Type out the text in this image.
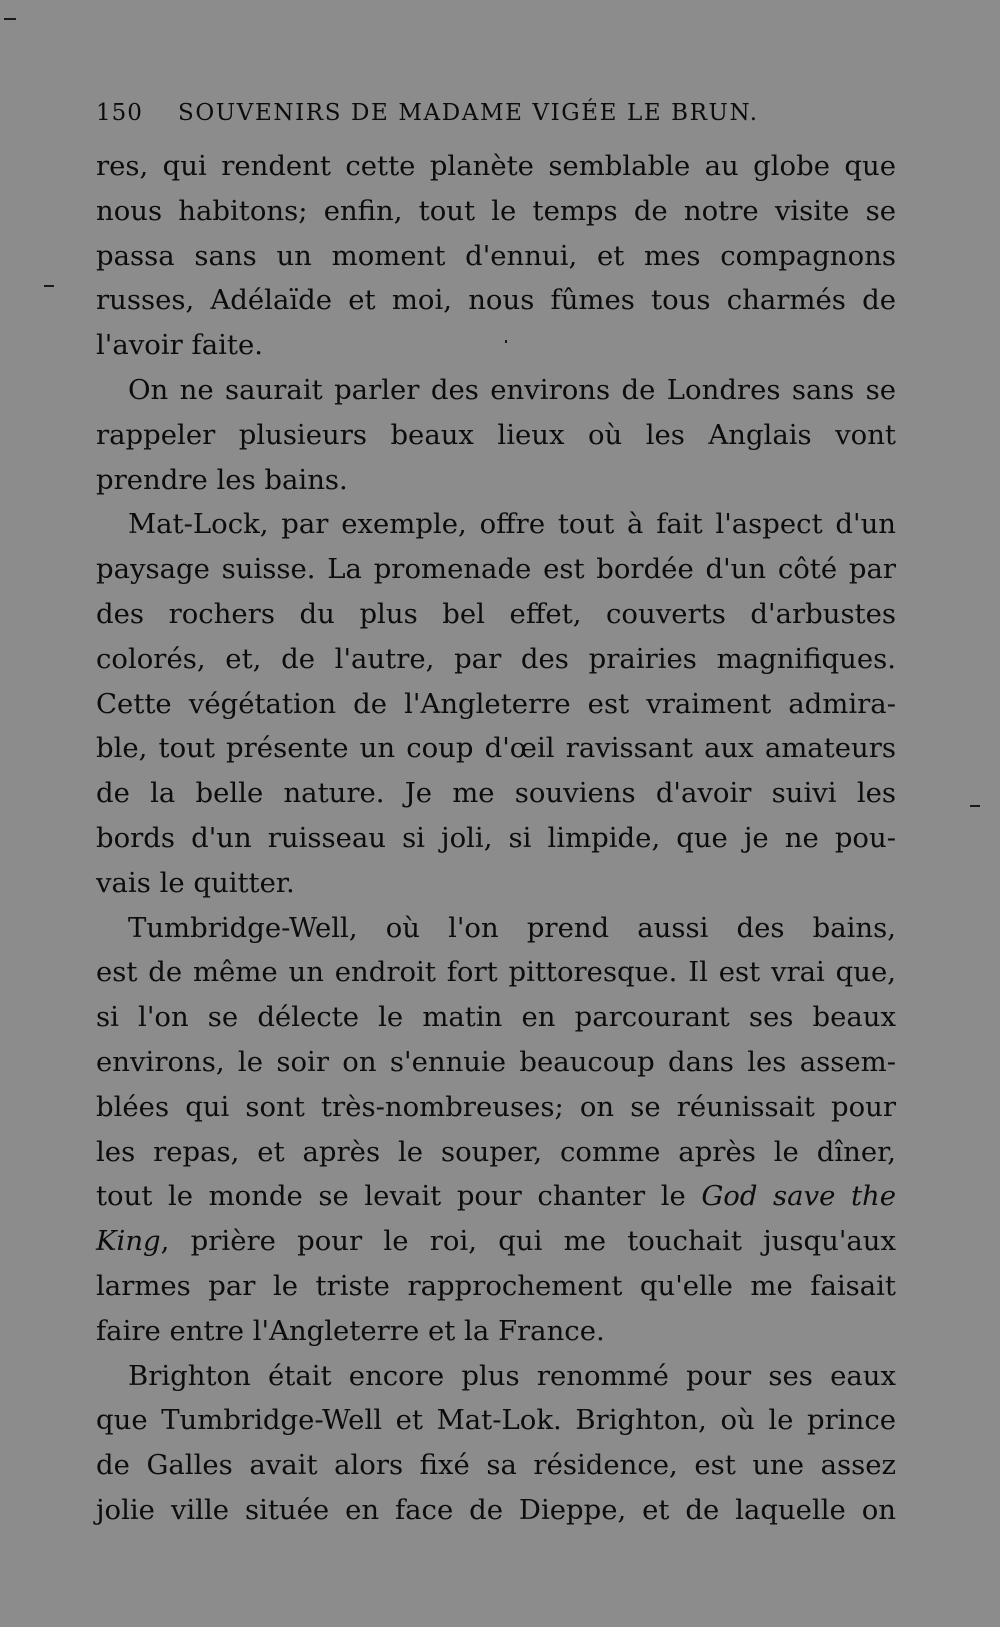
150	SOUVENIRS DE MADAME VIGÉE LE BRUN.
res, qui rendent cette planète semblable au globe que
nous habitons; enfin, tout le temps de notre visite se
passa sans un moment d'ennui, et mes compagnons
russes, Adélaïde et moi, nous fûmes tous charmés de
l'avoir faite.
On ne saurait parler des environs de Londres sans se
rappeler plusieurs beaux lieux où les Anglais vont
prendre les bains.
Mat-Lock, par exemple, offre tout à fait l'aspect d'un
paysage suisse. La promenade est bordée d'un côté par
des rochers du plus bel effet, couverts d'arbustes
colorés, et, de l'autre, par des prairies magnifiques.
Cette végétation de l'Angleterre est vraiment admira-
ble, tout présente un coup d'œil ravissant aux amateurs
de la belle nature. Je me souviens d'avoir suivi les
bords d'un ruisseau si joli, si limpide, que je ne pou-
vais le quitter.
Tumbridge-Well, où l'on prend aussi des bains,
est de même un endroit fort pittoresque. Il est vrai que,
si l'on se délecte le matin en parcourant ses beaux
environs, le soir on s'ennuie beaucoup dans les assem-
blées qui sont très-nombreuses; on se réunissait pour
les repas, et après le souper, comme après le dîner,
tout le monde se levait pour chanter le God save the
King, prière pour le roi, qui me touchait jusqu'aux
larmes par le triste rapprochement qu'elle me faisait
faire entre l'Angleterre et la France.
Brighton était encore plus renommé pour ses eaux
que Tumbridge-Well et Mat-Lok. Brighton, où le prince
de Galles avait alors fixé sa résidence, est une assez
jolie ville située en face de Dieppe, et de laquelle on
